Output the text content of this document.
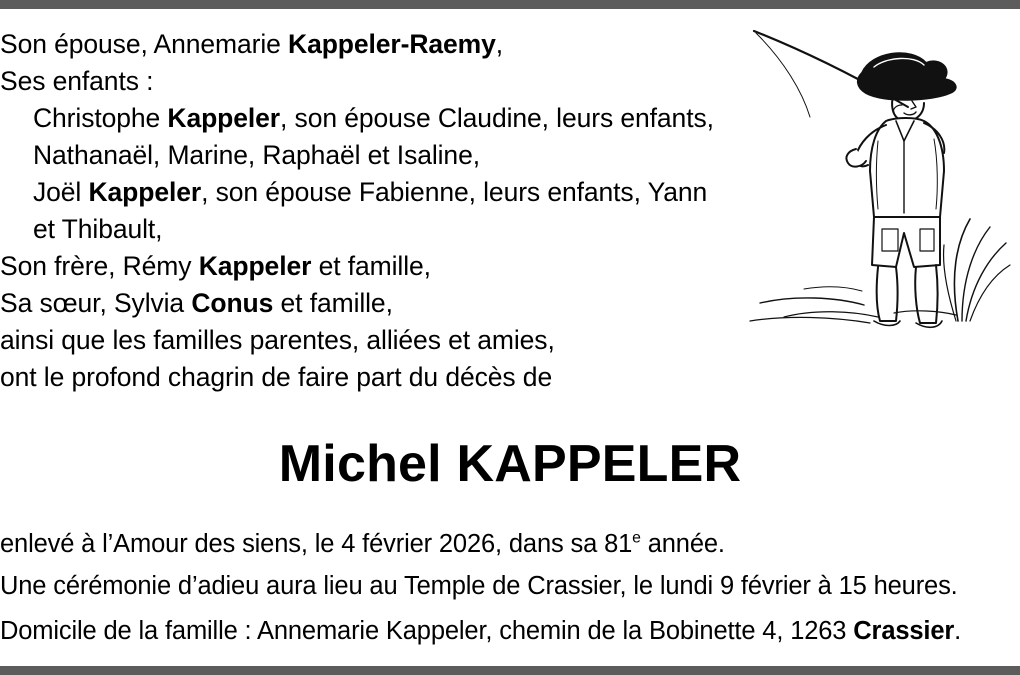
Son épouse, Annemarie Kappeler-Raemy,
Ses enfants :
Christophe Kappeler, son épouse Claudine, leurs enfants,
Nathanaël, Marine, Raphaël et Isaline,
Joël Kappeler, son épouse Fabienne, leurs enfants, Yann
et Thibault,
Son frère, Rémy Kappeler et famille,
Sa sœur, Sylvia Conus et famille,
ainsi que les familles parentes, alliées et amies,
ont le profond chagrin de faire part du décès de
Michel KAPPELER
enlevé à l’Amour des siens, le 4 février 2026, dans sa 81e année.
Une cérémonie d’adieu aura lieu au Temple de Crassier, le lundi 9 février à 15 heures.
Domicile de la famille : Annemarie Kappeler, chemin de la Bobinette 4, 1263 Crassier.
